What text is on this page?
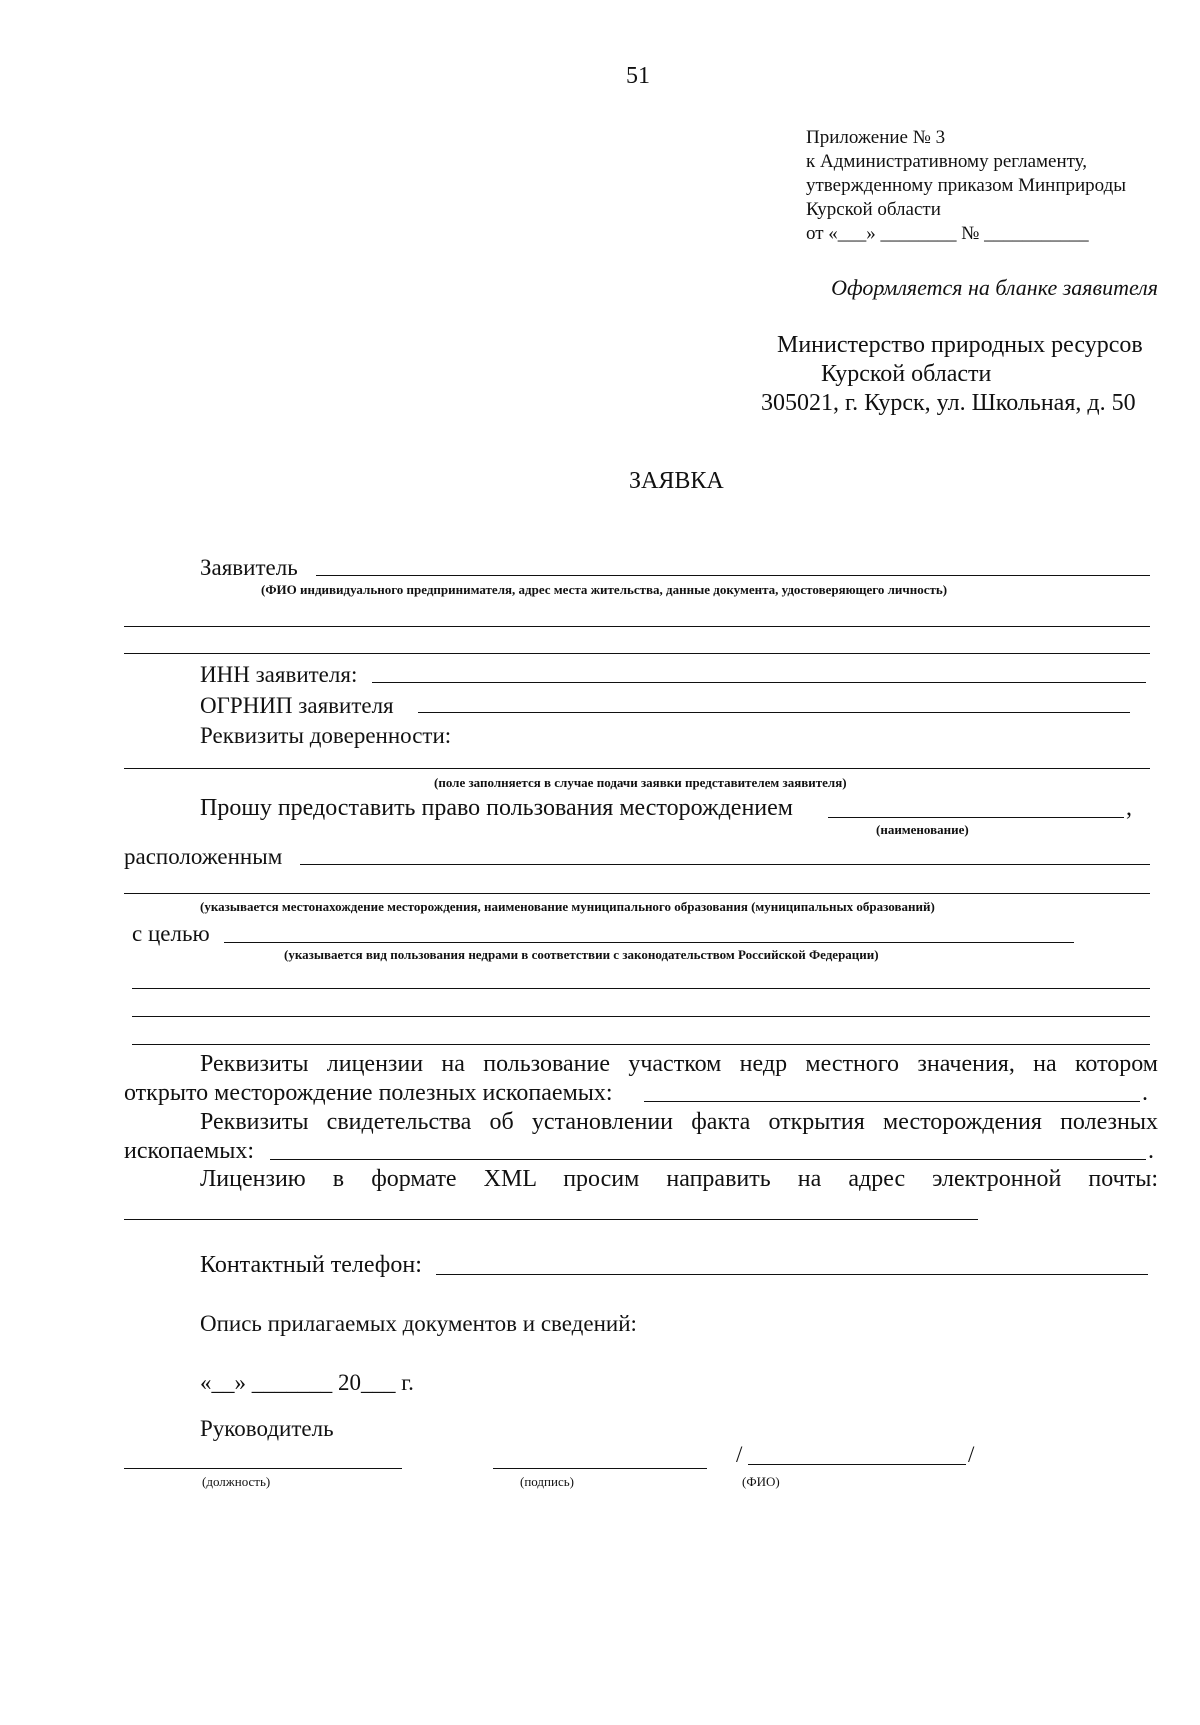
51
Приложение № 3
к Административному регламенту,
утвержденному приказом Минприроды
Курской области
от «___» ________ № ___________
Оформляется на бланке заявителя
Министерство природных ресурсов
Курской области
305021, г. Курск, ул. Школьная, д. 50
ЗАЯВКА
Заявитель
(ФИО индивидуального предпринимателя, адрес места жительства, данные документа, удостоверяющего личность)
ИНН заявителя:
ОГРНИП заявителя
Реквизиты доверенности:
(поле заполняется в случае подачи заявки представителем заявителя)
Прошу предоставить право пользования месторождением	,
(наименование)
расположенным
(указывается местонахождение месторождения, наименование муниципального образования (муниципальных образований)
с целью
(указывается вид пользования недрами в соответствии с законодательством Российской Федерации)
Реквизиты лицензии на пользование участком недр местного значения, на котором
открыто месторождение полезных ископаемых:	.
Реквизиты свидетельства об установлении факта открытия месторождения полезных
ископаемых:	.
Лицензию в формате XML просим направить на адрес электронной почты:
Контактный телефон:
Опись прилагаемых документов и сведений:
«__» _______ 20___ г.
Руководитель
(должность)	(подпись)
/	/
(ФИО)
